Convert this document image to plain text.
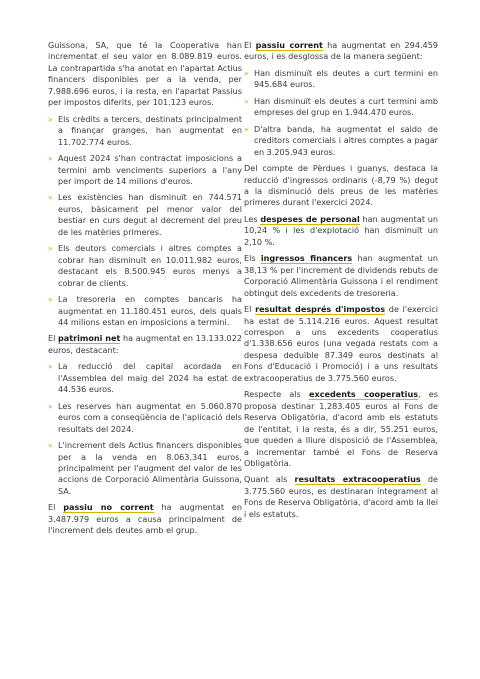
Guissona, SA, que té la Cooperativa han incrementat el seu valor en 8.089.819 euros. La contrapartida s'ha anotat en l'apartat Actius financers disponibles per a la venda, per 7.988.696 euros, i la resta, en l'apartat Passius per impostos diferits, per 101.123 euros.

» Els crèdits a tercers, destinats principalment a finançar granges, han augmentat en 11.702.774 euros.
» Aquest 2024 s'han contractat imposicions a termini amb venciments superiors a l'any per import de 14 milions d'euros.
» Les existències han disminuït en 744.571 euros, bàsicament pel menor valor del bestiar en curs degut al decrement del preu de les matèries primeres.
» Els deutors comercials i altres comptes a cobrar han disminuït en 10.011.982 euros, destacant els 8.500.945 euros menys a cobrar de clients.
» La tresoreria en comptes bancaris ha augmentat en 11.180.451 euros, dels quals 44 milions estan en imposicions a termini.

El patrimoni net ha augmentat en 13.133.022 euros, destacant:

» La reducció del capital acordada en l'Assemblea del maig del 2024 ha estat de 44.536 euros.
» Les reserves han augmentat en 5.060.870 euros com a conseqüència de l'aplicació dels resultats del 2024.
» L'increment dels Actius financers disponibles per a la venda en 8.063.341 euros, principalment per l'augment del valor de les accions de Corporació Alimentària Guissona, SA.

El passiu no corrent ha augmentat en 3.487.979 euros a causa principalment de l'increment dels deutes amb el grup.

El passiu corrent ha augmentat en 294.459 euros, i es desglossa de la manera següent:

» Han disminuït els deutes a curt termini en 945.684 euros.
» Han disminuït els deutes a curt termini amb empreses del grup en 1.944.470 euros.
» D'altra banda, ha augmentat el saldo de creditors comercials i altres comptes a pagar en 3.205.943 euros.

Del compte de Pèrdues i guanys, destaca la reducció d'ingressos ordinaris (-8,79 %) degut a la disminució dels preus de les matèries primeres durant l'exercici 2024.

Les despeses de personal han augmentat un 10,24 % i les d'explotació han disminuït un 2,10 %.

Els ingressos financers han augmentat un 38,13 % per l'increment de dividends rebuts de Corporació Alimentària Guissona i el rendiment obtingut dels excedents de tresoreria.

El resultat després d'impostos de l'exercici ha estat de 5.114.216 euros. Aquest resultat correspon a uns excedents cooperatius d'1.338.656 euros (una vegada restats com a despesa deduïble 87.349 euros destinats al Fons d'Educació i Promoció) i a uns resultats extracooperatius de 3.775.560 euros.

Respecte als excedents cooperatius, es proposa destinar 1.283.405 euros al Fons de Reserva Obligatòria, d'acord amb els estatuts de l'entitat, i la resta, és a dir, 55.251 euros, que queden a lliure disposició de l'Assemblea, a incrementar també el Fons de Reserva Obligatòria.

Quant als resultats extracooperatius de 3.775.560 euros, es destinaran íntegrament al Fons de Reserva Obligatòria, d'acord amb la llei i els estatuts.
